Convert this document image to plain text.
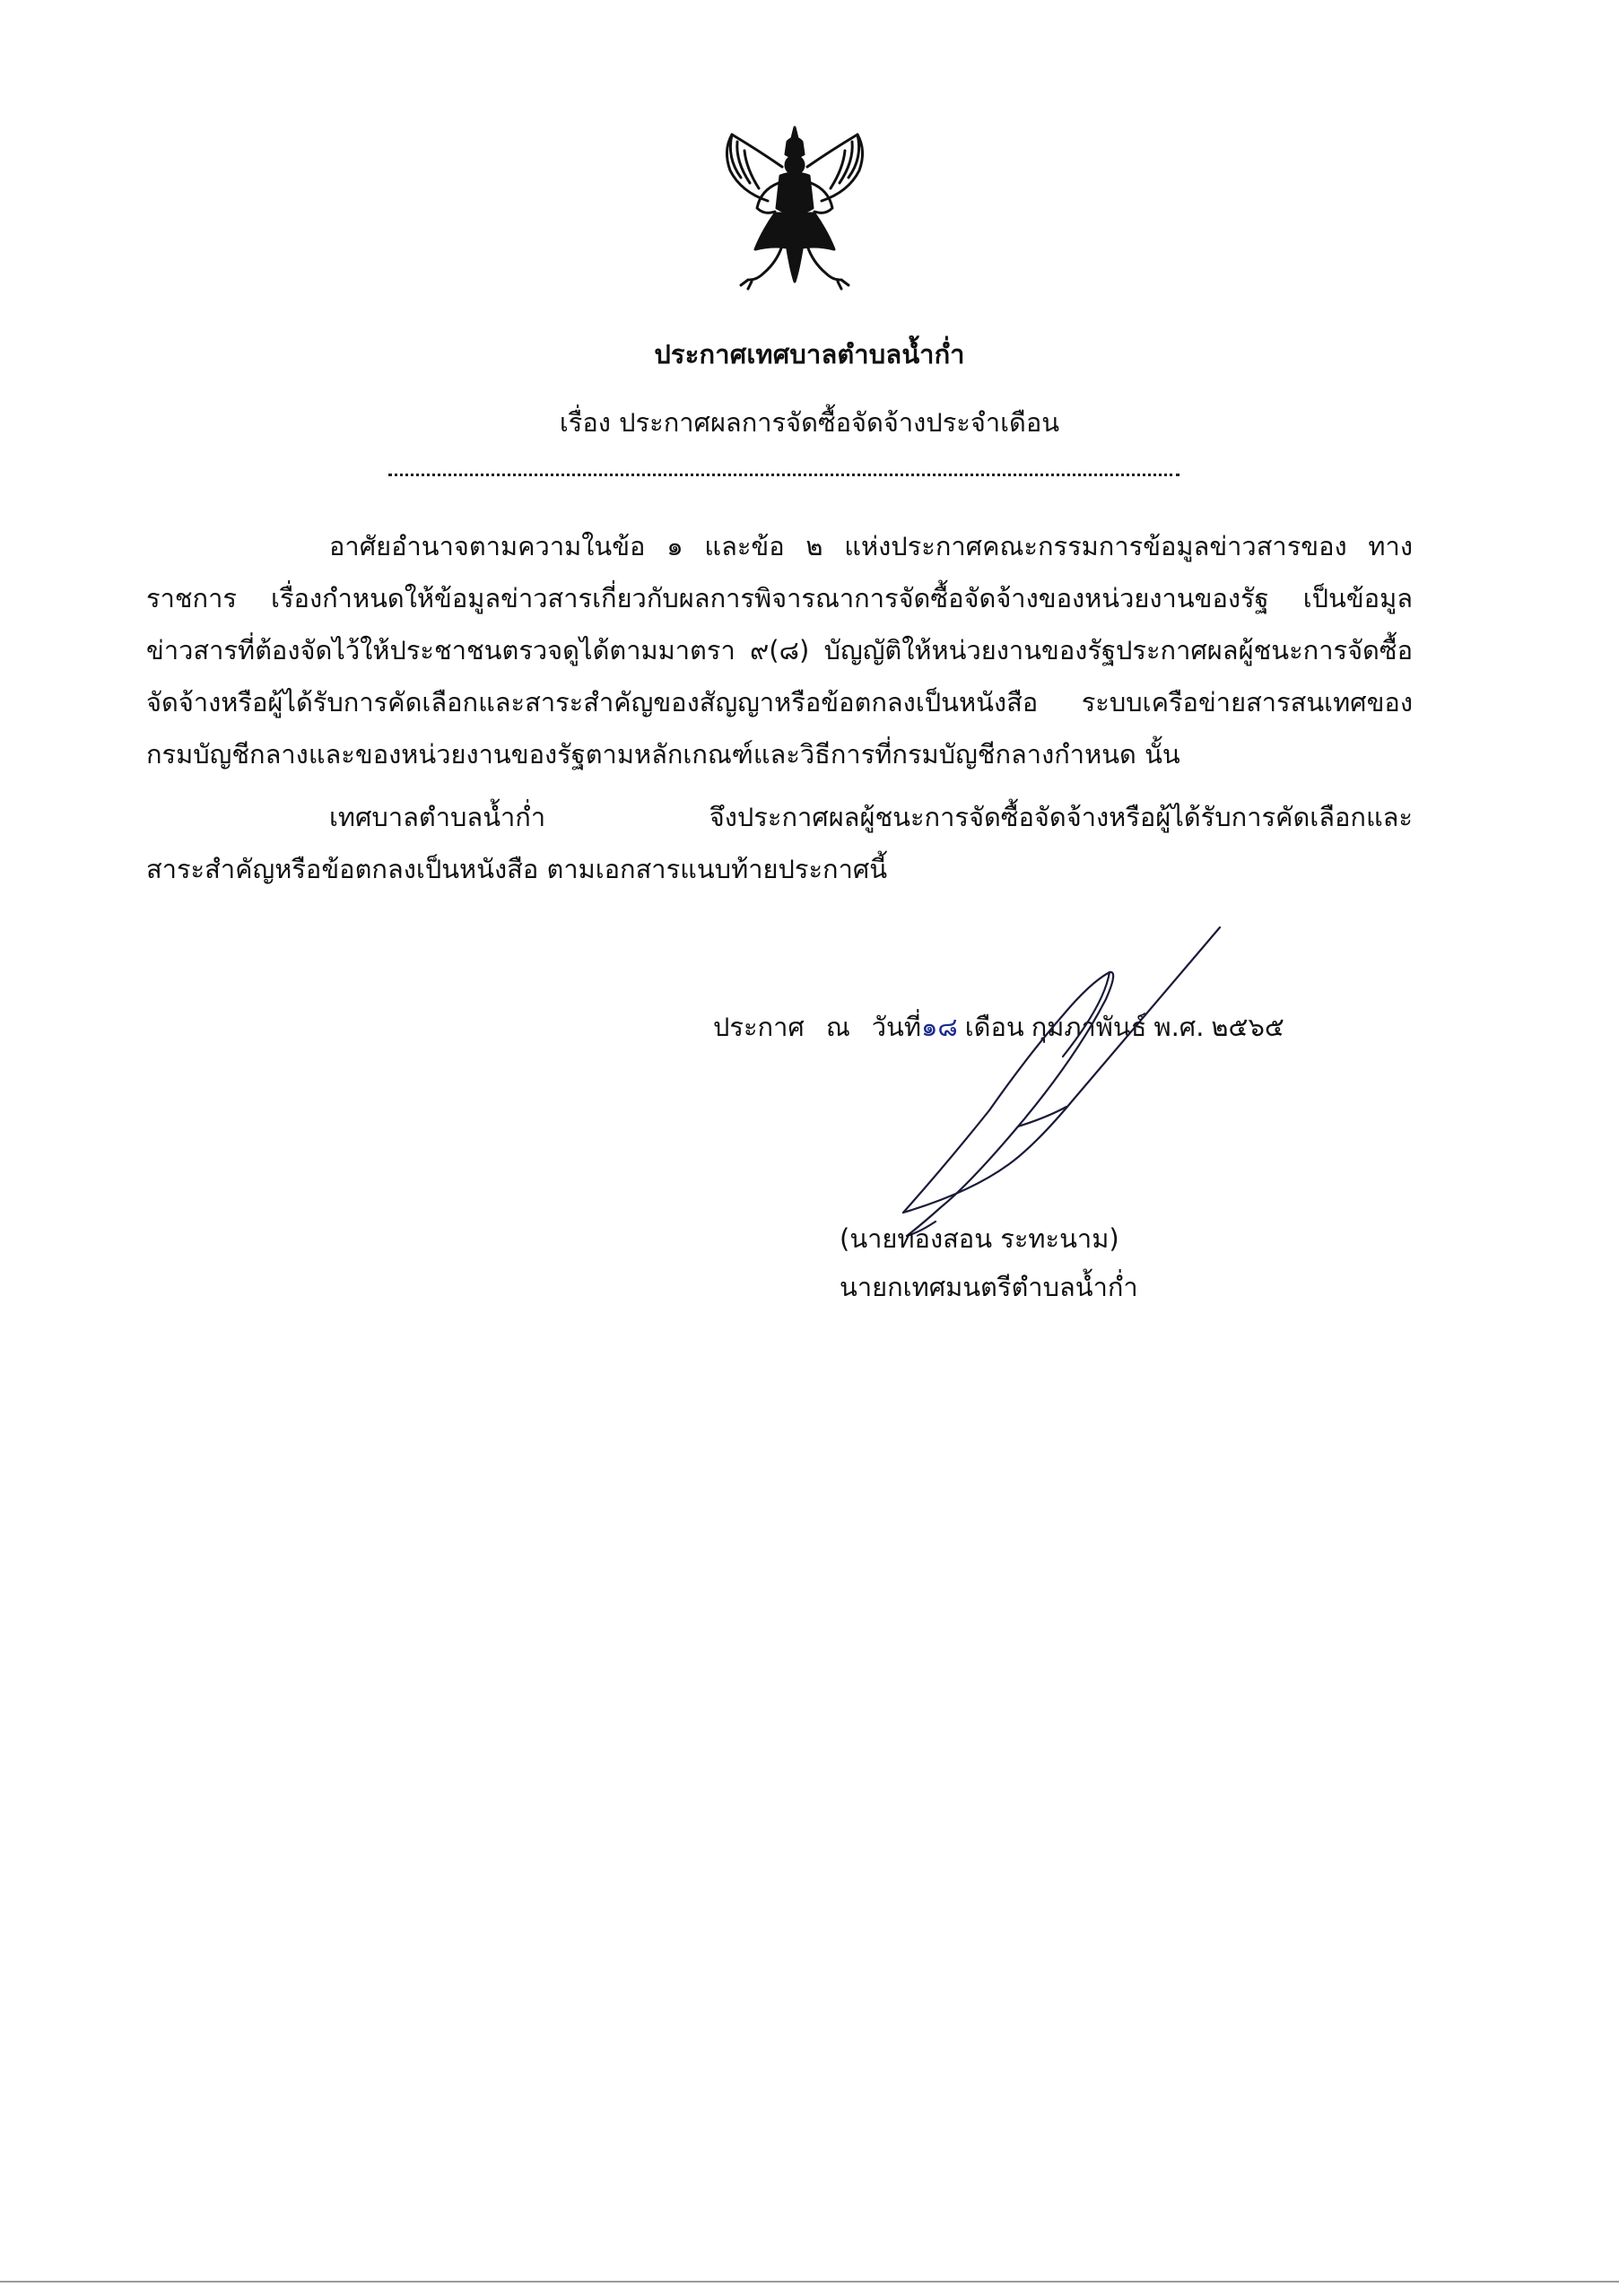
ประกาศเทศบาลตำบลน้ำก่ำ
เรื่อง ประกาศผลการจัดซื้อจัดจ้างประจำเดือน
อาศัยอำนาจตามความในข้อ ๑ และข้อ ๒ แห่งประกาศคณะกรรมการข้อมูลข่าวสารของ ทาง
ราชการ เรื่องกำหนดให้ข้อมูลข่าวสารเกี่ยวกับผลการพิจารณาการจัดซื้อจัดจ้างของหน่วยงานของรัฐ เป็นข้อมูล
ข่าวสารที่ต้องจัดไว้ให้ประชาชนตรวจดูได้ตามมาตรา ๙(๘) บัญญัติให้หน่วยงานของรัฐประกาศผลผู้ชนะการจัดซื้อ
จัดจ้างหรือผู้ได้รับการคัดเลือกและสาระสำคัญของสัญญาหรือข้อตกลงเป็นหนังสือ ระบบเครือข่ายสารสนเทศของ
กรมบัญชีกลางและของหน่วยงานของรัฐตามหลักเกณฑ์และวิธีการที่กรมบัญชีกลางกำหนด นั้น
เทศบาลตำบลน้ำก่ำ จึงประกาศผลผู้ชนะการจัดซื้อจัดจ้างหรือผู้ได้รับการคัดเลือกและ
สาระสำคัญหรือข้อตกลงเป็นหนังสือ ตามเอกสารแนบท้ายประกาศนี้
ประกาศ ณ วันที่๑๘ เดือน กุมภาพันธ์ พ.ศ. ๒๕๖๕
(นายทองสอน ระทะนาม)
นายกเทศมนตรีตำบลน้ำก่ำ
